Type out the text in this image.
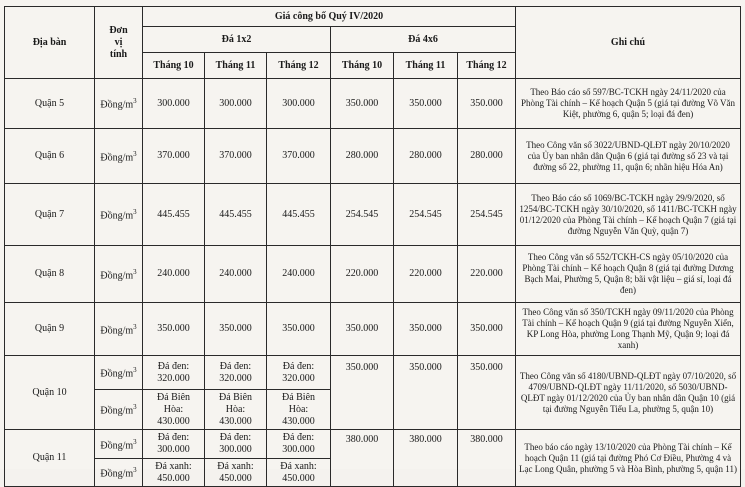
Địa bàn	Đơn
vị
tính	Giá công bố Quý IV/2020						Ghi chú
		Đá 1x2			Đá 4x6			
		Tháng 10	Tháng 11	Tháng 12	Tháng 10	Tháng 11	Tháng 12	
Quận 5	Đồng/$m^3$	300.000	300.000	300.000	350.000	350.000	350.000	Theo Báo cáo số 597/BC-TCKH ngày 24/11/2020 của Phòng Tài chính – Kế hoạch Quận 5 (giá tại đường Võ Văn Kiệt, phường 6, quận 5; loại đá đen)
Quận 6	Đồng/$m^3$	370.000	370.000	370.000	280.000	280.000	280.000	Theo Công văn số 3022/UBND-QLĐT ngày 20/10/2020 của Ủy ban nhân dân Quận 6 (giá tại đường số 23 và tại đường số 22, phường 11, quận 6; nhãn hiệu Hóa An)
Quận 7	Đồng/$m^3$	445.455	445.455	445.455	254.545	254.545	254.545	Theo Báo cáo số 1069/BC-TCKH ngày 29/9/2020, số 1254/BC-TCKH ngày 30/10/2020, số 1411/BC-TCKH ngày 01/12/2020 của Phòng Tài chính – Kế hoạch Quận 7 (giá tại đường Nguyễn Văn Quỳ, quận 7)
Quận 8	Đồng/$m^3$	240.000	240.000	240.000	220.000	220.000	220.000	Theo Công văn số 552/TCKH-CS ngày 05/10/2020 của Phòng Tài chính – Kế hoạch Quận 8 (giá tại đường Dương Bạch Mai, Phường 5, Quận 8; bãi vật liệu – giá sỉ, loại đá đen)
Quận 9	Đồng/$m^3$	350.000	350.000	350.000	350.000	350.000	350.000	Theo Công văn số 350/TCKH ngày 09/11/2020 của Phòng Tài chính – Kế hoạch Quận 9 (giá tại đường Nguyễn Xiển, KP Long Hòa, phường Long Thạnh Mỹ, Quận 9; loại đá xanh)
Quận 10	Đồng/$m^3$	Đá đen:
320.000	Đá đen:
320.000	Đá đen:
320.000	350.000	350.000	350.000	Theo Công văn số 4180/UBND-QLĐT ngày 07/10/2020, số 4709/UBND-QLĐT ngày 11/11/2020, số 5030/UBND-QLĐT ngày 01/12/2020 của Ủy ban nhân dân Quận 10 (giá tại đường Nguyễn Tiểu La, phường 5, quận 10)
	Đồng/$m^3$	Đá Biên
Hòa:
430.000	Đá Biên
Hòa:
430.000	Đá Biên
Hòa:
430.000				
Quận 11	Đồng/$m^3$	Đá đen:
300.000	Đá đen:
300.000	Đá đen:
300.000	380.000	380.000	380.000	Theo báo cáo ngày 13/10/2020 của Phòng Tài chính – Kế hoạch Quận 11 (giá tại đường Phó Cơ Điều, Phường 4 và Lạc Long Quân, phường 5 và Hòa Bình, phường 5, quận 11)
	Đồng/$m^3$	Đá xanh:
450.000	Đá xanh:
450.000	Đá xanh:
450.000				
